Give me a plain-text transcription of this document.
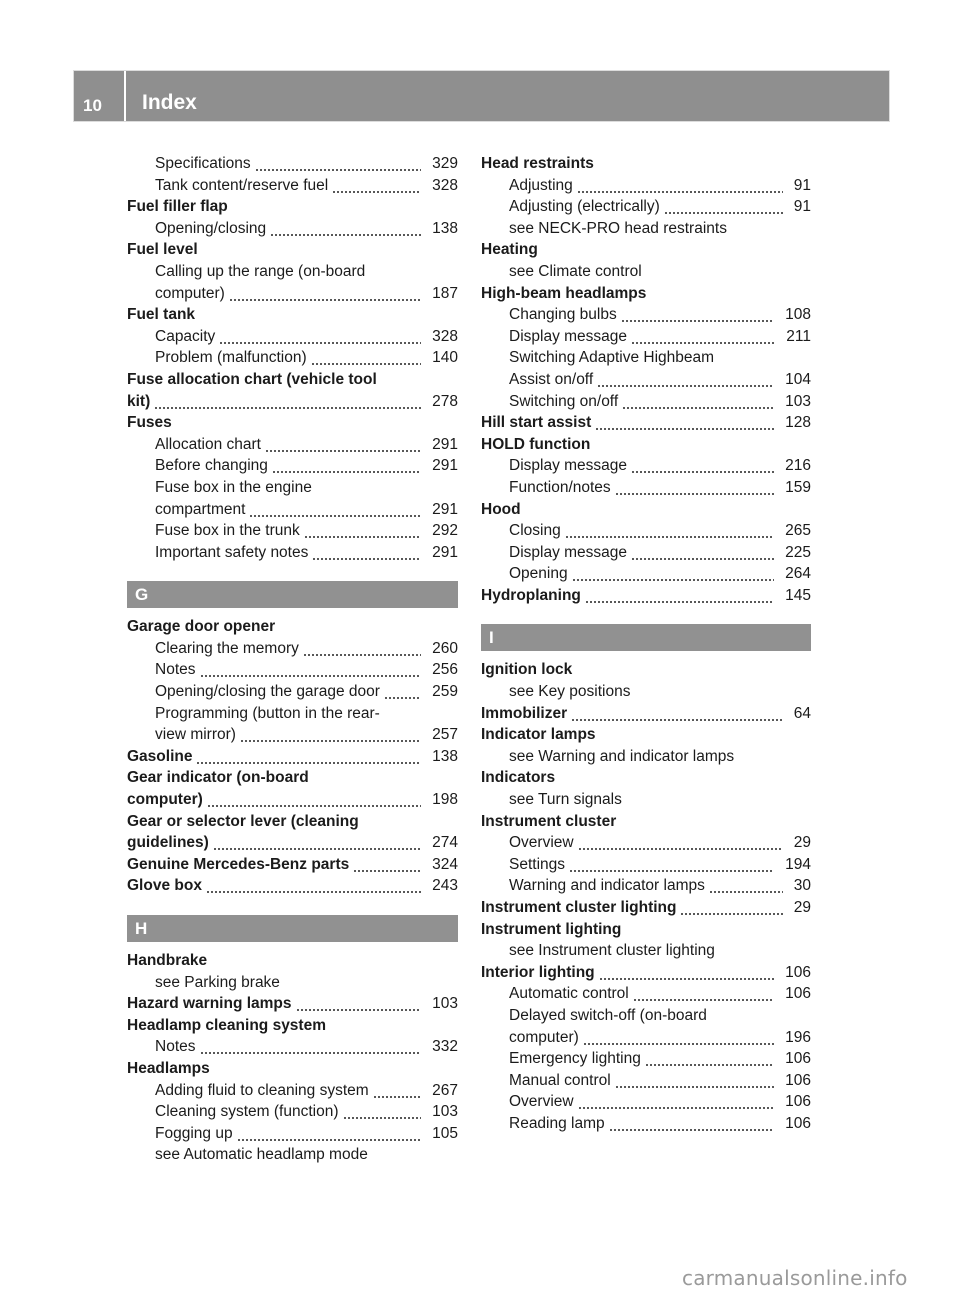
10 Index
Specifications	329
Tank content/reserve fuel	328
Fuel filler flap
Opening/closing	138
Fuel level
Calling up the range (on-board
computer)	187
Fuel tank
Capacity	328
Problem (malfunction)	140
Fuse allocation chart (vehicle tool
kit)	278
Fuses
Allocation chart	291
Before changing	291
Fuse box in the engine
compartment	291
Fuse box in the trunk	292
Important safety notes	291
G
Garage door opener
Clearing the memory	260
Notes	256
Opening/closing the garage door	259
Programming (button in the rear-
view mirror)	257
Gasoline	138
Gear indicator (on-board
computer)	198
Gear or selector lever (cleaning
guidelines)	274
Genuine Mercedes-Benz parts	324
Glove box	243
H
Handbrake
see Parking brake
Hazard warning lamps	103
Headlamp cleaning system
Notes	332
Headlamps
Adding fluid to cleaning system	267
Cleaning system (function)	103
Fogging up	105
see Automatic headlamp mode
Head restraints
Adjusting	91
Adjusting (electrically)	91
see NECK-PRO head restraints
Heating
see Climate control
High-beam headlamps
Changing bulbs	108
Display message	211
Switching Adaptive Highbeam
Assist on/off	104
Switching on/off	103
Hill start assist	128
HOLD function
Display message	216
Function/notes	159
Hood
Closing	265
Display message	225
Opening	264
Hydroplaning	145
I
Ignition lock
see Key positions
Immobilizer	64
Indicator lamps
see Warning and indicator lamps
Indicators
see Turn signals
Instrument cluster
Overview	29
Settings	194
Warning and indicator lamps	30
Instrument cluster lighting	29
Instrument lighting
see Instrument cluster lighting
Interior lighting	106
Automatic control	106
Delayed switch-off (on-board
computer)	196
Emergency lighting	106
Manual control	106
Overview	106
Reading lamp	106
carmanualsonline.info
